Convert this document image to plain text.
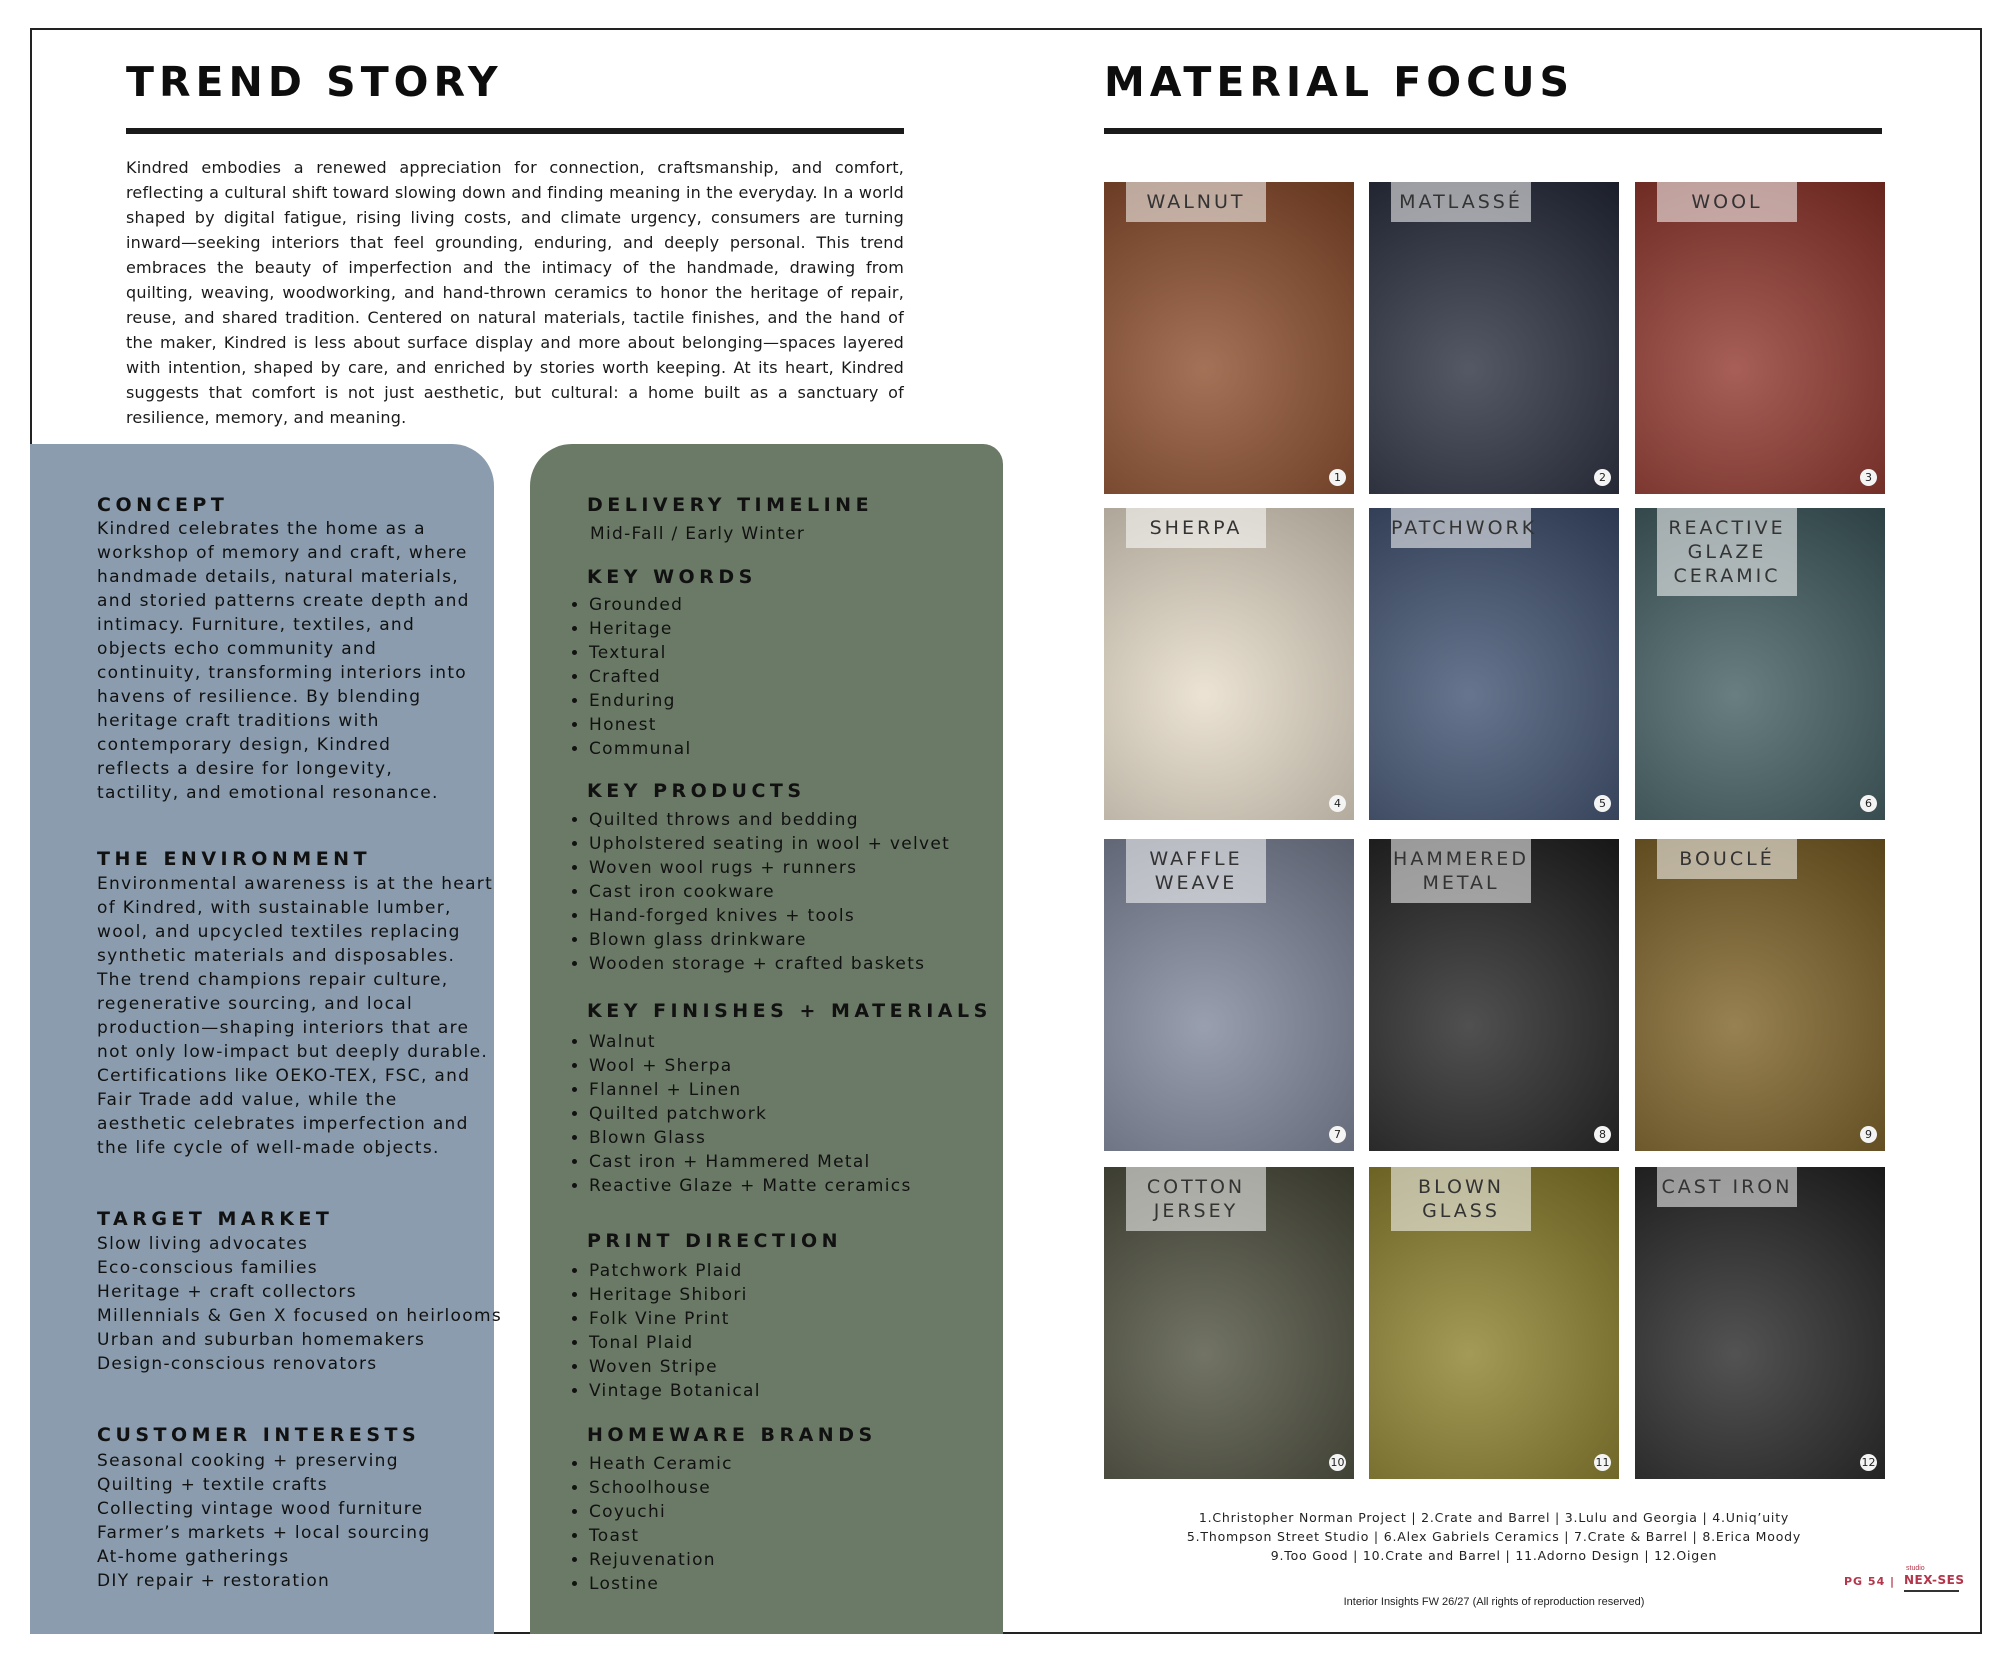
TREND STORY

Kindred embodies a renewed appreciation for connection, craftsmanship, and comfort, reflecting a cultural shift toward slowing down and finding meaning in the everyday. In a world shaped by digital fatigue, rising living costs, and climate urgency, consumers are turning inward—seeking interiors that feel grounding, enduring, and deeply personal. This trend embraces the beauty of imperfection and the intimacy of the handmade, drawing from quilting, weaving, woodworking, and hand-thrown ceramics to honor the heritage of repair, reuse, and shared tradition. Centered on natural materials, tactile finishes, and the hand of the maker, Kindred is less about surface display and more about belonging—spaces layered with intention, shaped by care, and enriched by stories worth keeping. At its heart, Kindred suggests that comfort is not just aesthetic, but cultural: a home built as a sanctuary of resilience, memory, and meaning.

CONCEPT
Kindred celebrates the home as a
workshop of memory and craft, where
handmade details, natural materials,
and storied patterns create depth and
intimacy. Furniture, textiles, and
objects echo community and
continuity, transforming interiors into
havens of resilience. By blending
heritage craft traditions with
contemporary design, Kindred
reflects a desire for longevity,
tactility, and emotional resonance.
THE ENVIRONMENT
Environmental awareness is at the heart
of Kindred, with sustainable lumber,
wool, and upcycled textiles replacing
synthetic materials and disposables.
The trend champions repair culture,
regenerative sourcing, and local
production—shaping interiors that are
not only low-impact but deeply durable.
Certifications like OEKO-TEX, FSC, and
Fair Trade add value, while the
aesthetic celebrates imperfection and
the life cycle of well-made objects.
TARGET MARKET
Slow living advocates
Eco-conscious families
Heritage + craft collectors
Millennials & Gen X focused on heirlooms
Urban and suburban homemakers
Design-conscious renovators
CUSTOMER INTERESTS
Seasonal cooking + preserving
Quilting + textile crafts
Collecting vintage wood furniture
Farmer’s markets + local sourcing
At-home gatherings
DIY repair + restoration
DELIVERY TIMELINE
Mid-Fall / Early Winter
KEY WORDS
• Grounded
• Heritage
• Textural
• Crafted
• Enduring
• Honest
• Communal
KEY PRODUCTS
• Quilted throws and bedding
• Upholstered seating in wool + velvet
• Woven wool rugs + runners
• Cast iron cookware
• Hand-forged knives + tools
• Blown glass drinkware
• Wooden storage + crafted baskets
KEY FINISHES + MATERIALS
• Walnut
• Wool + Sherpa
• Flannel + Linen
• Quilted patchwork
• Blown Glass
• Cast iron + Hammered Metal
• Reactive Glaze + Matte ceramics
PRINT DIRECTION
• Patchwork Plaid
• Heritage Shibori
• Folk Vine Print
• Tonal Plaid
• Woven Stripe
• Vintage Botanical
HOMEWARE BRANDS
• Heath Ceramic
• Schoolhouse
• Coyuchi
• Toast
• Rejuvenation
• Lostine
MATERIAL FOCUS
WALNUT
1
MATLASSÉ
2
WOOL
3
SHERPA
4
PATCHWORK
5
REACTIVE GLAZE CERAMIC
6
WAFFLE WEAVE
7
HAMMERED METAL
8
BOUCLÉ
9
COTTON JERSEY
10
BLOWN GLASS
11
CAST IRON
12
1.Christopher Norman Project | 2.Crate and Barrel | 3.Lulu and Georgia | 4.Uniq’uity
5.Thompson Street Studio | 6.Alex Gabriels Ceramics | 7.Crate & Barrel | 8.Erica Moody
9.Too Good | 10.Crate and Barrel | 11.Adorno Design | 12.Oigen

Interior Insights FW 26/27 (All rights of reproduction reserved)

PG 54 |
studio
NEX-SES
